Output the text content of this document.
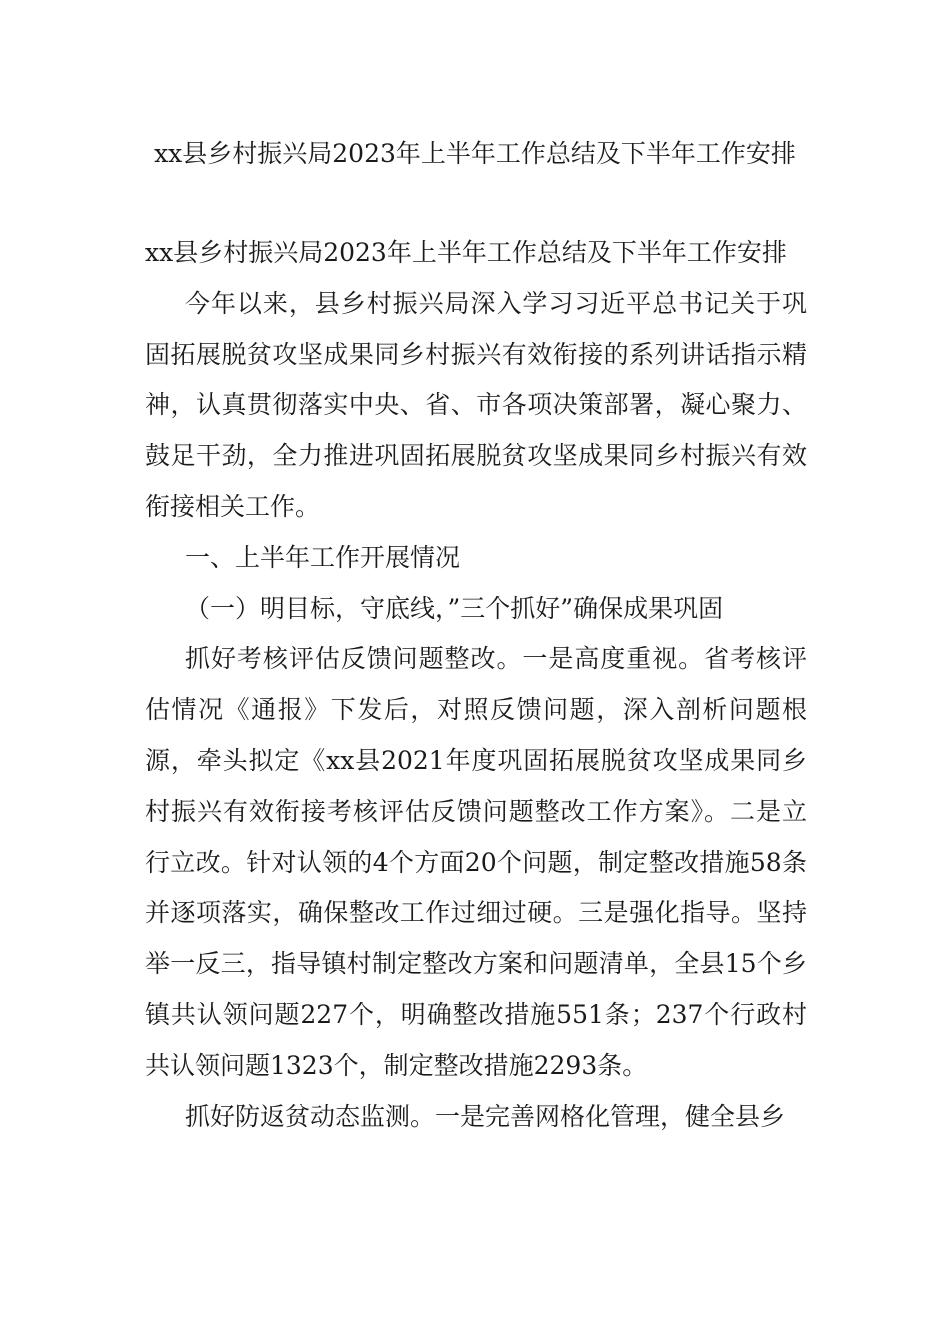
xx县乡村振兴局2023年上半年工作总结及下半年工作安排

xx县乡村振兴局2023年上半年工作总结及下半年工作安排

今年以来，县乡村振兴局深入学习习近平总书记关于巩固拓展脱贫攻坚成果同乡村振兴有效衔接的系列讲话指示精神，认真贯彻落实中央、省、市各项决策部署，凝心聚力、鼓足干劲，全力推进巩固拓展脱贫攻坚成果同乡村振兴有效衔接相关工作。

一、上半年工作开展情况

（一）明目标，守底线，”三个抓好”确保成果巩固

抓好考核评估反馈问题整改。一是高度重视。省考核评估情况《通报》下发后，对照反馈问题，深入剖析问题根源，牵头拟定《xx县2021年度巩固拓展脱贫攻坚成果同乡村振兴有效衔接考核评估反馈问题整改工作方案》。二是立行立改。针对认领的4个方面20个问题，制定整改措施58条并逐项落实，确保整改工作过细过硬。三是强化指导。坚持举一反三，指导镇村制定整改方案和问题清单，全县15个乡镇共认领问题227个，明确整改措施551条；237个行政村共认领问题1323个，制定整改措施2293条。

抓好防返贫动态监测。一是完善网格化管理，健全县乡
